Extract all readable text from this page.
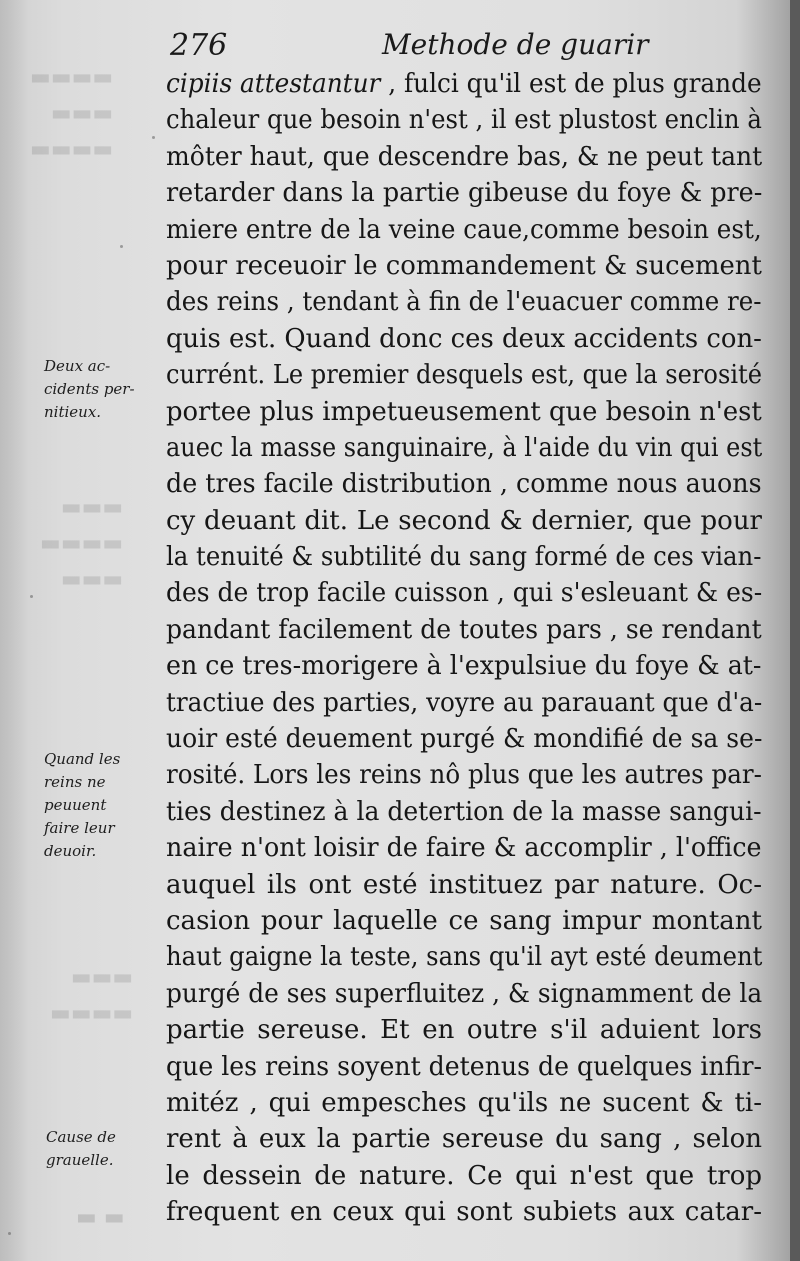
▬▬▬▬
▬▬▬
▬▬▬▬
▬▬▬
▬▬▬▬
▬▬▬
▬▬▬
▬▬▬▬
276	Methode de guarir
cipiis attestantur , fulci qu'il est de plus grande
chaleur que besoin n'est , il est plustost enclin à
môter haut, que descendre bas, & ne peut tant
retarder dans la partie gibeuse du foye & pre-
miere entre de la veine caue,comme besoin est,
pour receuoir le commandement & sucement
des reins , tendant à fin de l'euacuer comme re-
quis est. Quand donc ces deux accidents con-
currént. Le premier desquels est, que la serosité
portee plus impetueusement que besoin n'est
auec la masse sanguinaire, à l'aide du vin qui est
de tres facile distribution , comme nous auons
cy deuant dit. Le second & dernier, que pour
la tenuité & subtilité du sang formé de ces vian-
des de trop facile cuisson , qui s'esleuant & es-
pandant facilement de toutes pars , se rendant
en ce tres-morigere à l'expulsiue du foye & at-
tractiue des parties, voyre au parauant que d'a-
uoir esté deuement purgé & mondifié de sa se-
rosité. Lors les reins nô plus que les autres par-
ties destinez à la detertion de la masse sangui-
naire n'ont loisir de faire & accomplir , l'office
auquel ils ont esté instituez par nature. Oc-
casion pour laquelle ce sang impur montant
haut gaigne la teste, sans qu'il ayt esté deument
purgé de ses superfluitez , & signamment de la
partie sereuse. Et en outre s'il aduient lors
que les reins soyent detenus de quelques infir-
mitéz , qui empesches qu'ils ne sucent & ti-
rent à eux la partie sereuse du sang , selon
le dessein de nature. Ce qui n'est que trop
frequent en ceux qui sont subiets aux catar-
Deux ac-
cidents per-
nitieux.
Quand les
reins ne
peuuent
faire leur
deuoir.
Cause de
grauelle.
▬ ▬
